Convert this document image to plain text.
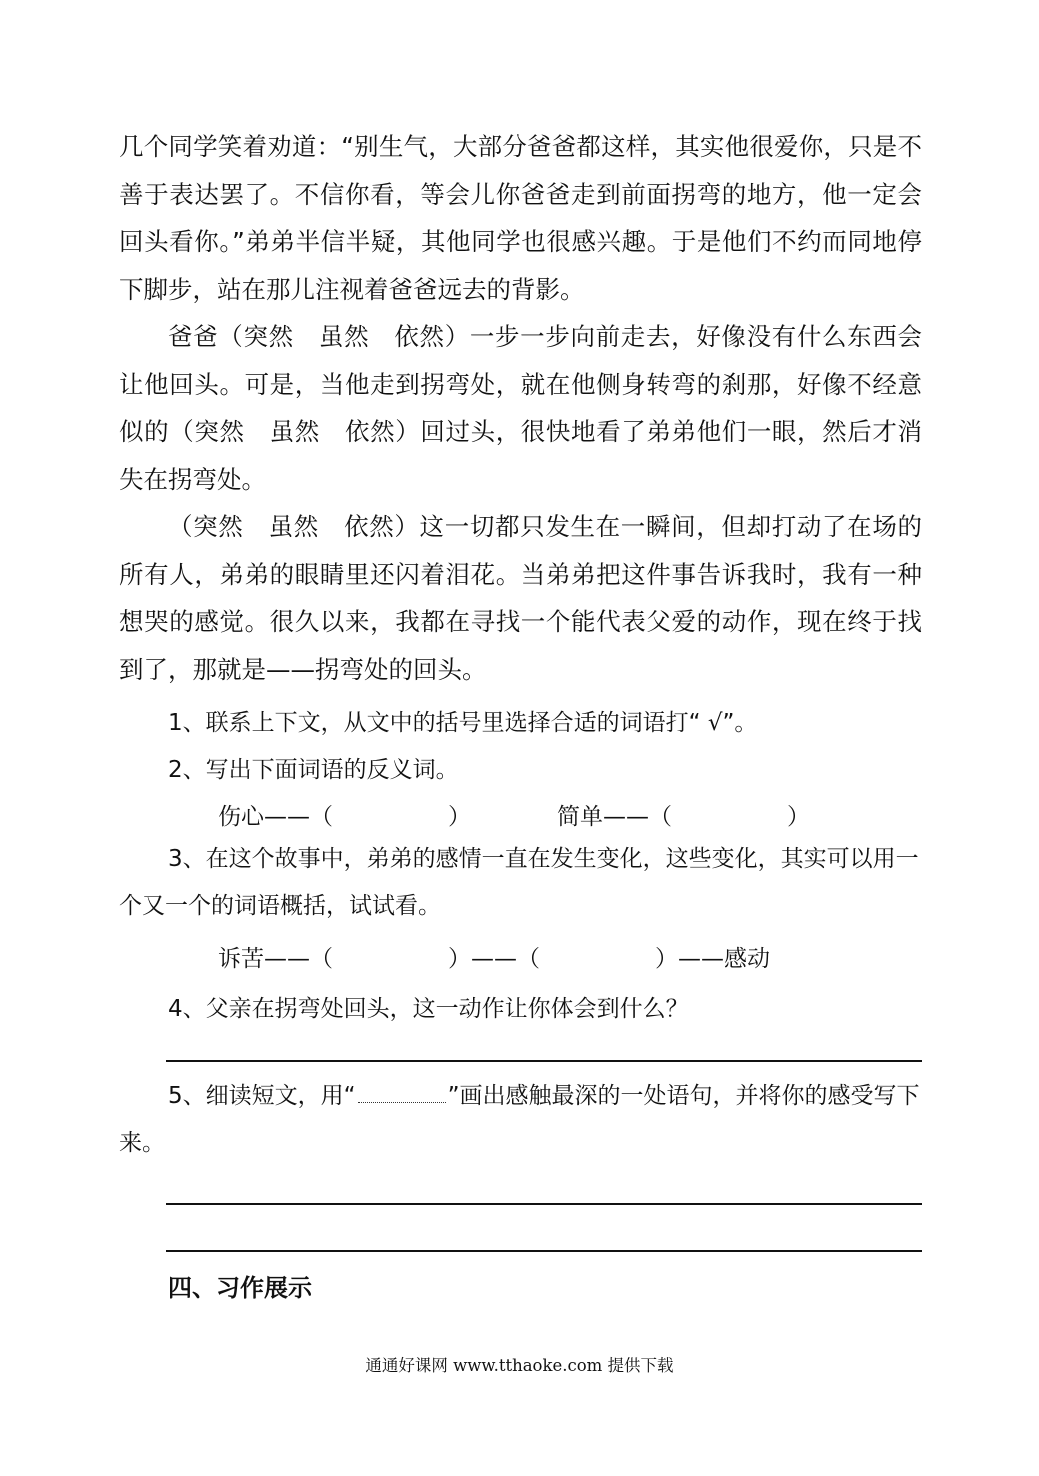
几个同学笑着劝道：“别生气，大部分爸爸都这样，其实他很爱你，只是不善于表达罢了。不信你看，等会儿你爸爸走到前面拐弯的地方，他一定会回头看你。”弟弟半信半疑，其他同学也很感兴趣。于是他们不约而同地停下脚步，站在那儿注视着爸爸远去的背影。

爸爸（突然　虽然　依然）一步一步向前走去，好像没有什么东西会让他回头。可是，当他走到拐弯处，就在他侧身转弯的刹那，好像不经意似的（突然　虽然　依然）回过头，很快地看了弟弟他们一眼，然后才消失在拐弯处。

（突然　虽然　依然）这一切都只发生在一瞬间，但却打动了在场的所有人，弟弟的眼睛里还闪着泪花。当弟弟把这件事告诉我时，我有一种想哭的感觉。很久以来，我都在寻找一个能代表父爱的动作，现在终于找到了，那就是——拐弯处的回头。

1、联系上下文，从文中的括号里选择合适的词语打“ √”。

2、写出下面词语的反义词。

伤心——（　　　　　）	简单——（　　　　　）

3、在这个故事中，弟弟的感情一直在发生变化，这些变化，其实可以用一个又一个的词语概括，试试看。

诉苦——（　　　　　）——（　　　　　）——感动

4、父亲在拐弯处回头，这一动作让你体会到什么？

5、细读短文，用“	”画出感触最深的一处语句，并将你的感受写下来。

四、习作展示

通通好课网 www.tthaoke.com 提供下载
